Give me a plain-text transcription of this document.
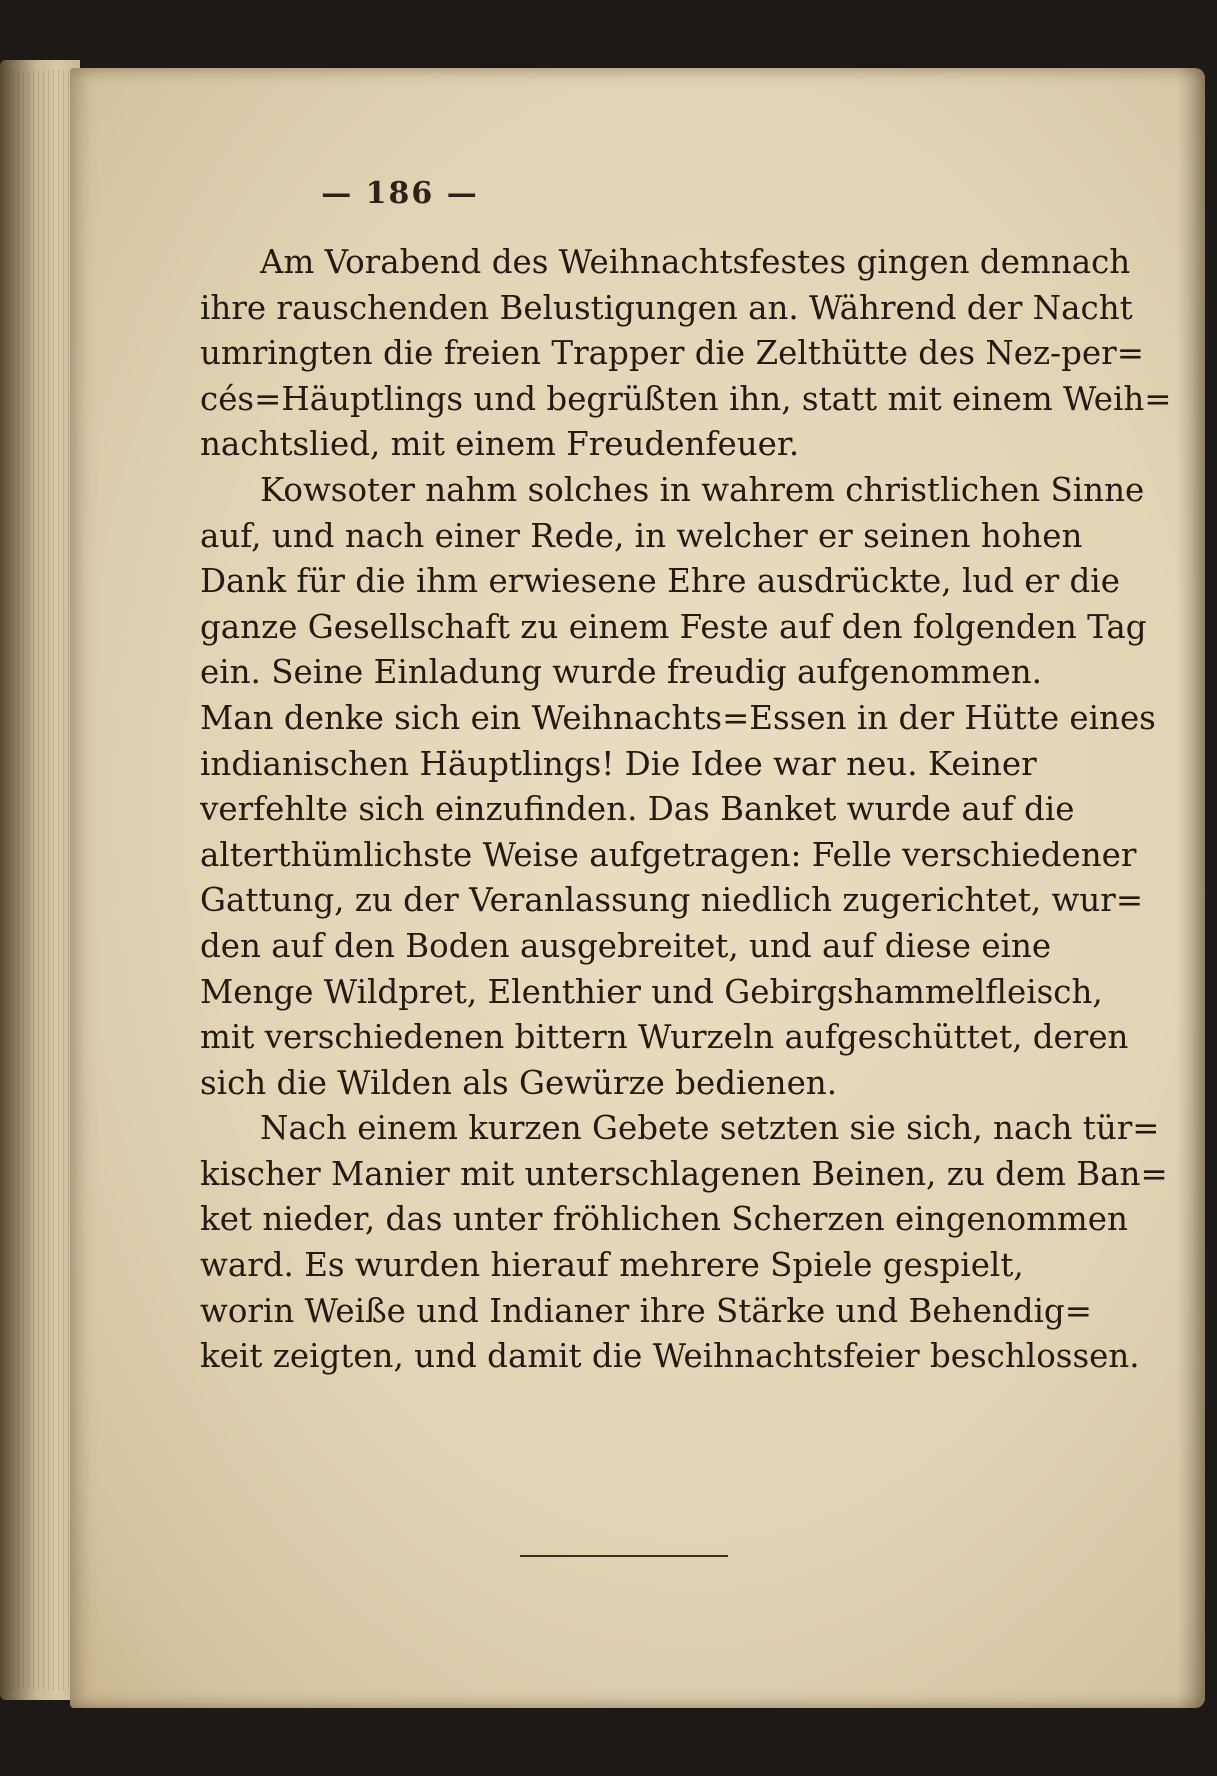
— 186 —
Am Vorabend des Weihnachtsfestes gingen demnach
ihre rauschenden Belustigungen an. Während der Nacht
umringten die freien Trapper die Zelthütte des Nez-per=
cés=Häuptlings und begrüßten ihn, statt mit einem Weih=
nachtslied, mit einem Freudenfeuer.
Kowsoter nahm solches in wahrem christlichen Sinne
auf, und nach einer Rede, in welcher er seinen hohen
Dank für die ihm erwiesene Ehre ausdrückte, lud er die
ganze Gesellschaft zu einem Feste auf den folgenden Tag
ein. Seine Einladung wurde freudig aufgenommen.
Man denke sich ein Weihnachts=Essen in der Hütte eines
indianischen Häuptlings! Die Idee war neu. Keiner
verfehlte sich einzufinden. Das Banket wurde auf die
alterthümlichste Weise aufgetragen: Felle verschiedener
Gattung, zu der Veranlassung niedlich zugerichtet, wur=
den auf den Boden ausgebreitet, und auf diese eine
Menge Wildpret, Elenthier und Gebirgshammelfleisch,
mit verschiedenen bittern Wurzeln aufgeschüttet, deren
sich die Wilden als Gewürze bedienen.
Nach einem kurzen Gebete setzten sie sich, nach tür=
kischer Manier mit unterschlagenen Beinen, zu dem Ban=
ket nieder, das unter fröhlichen Scherzen eingenommen
ward. Es wurden hierauf mehrere Spiele gespielt,
worin Weiße und Indianer ihre Stärke und Behendig=
keit zeigten, und damit die Weihnachtsfeier beschlossen.
